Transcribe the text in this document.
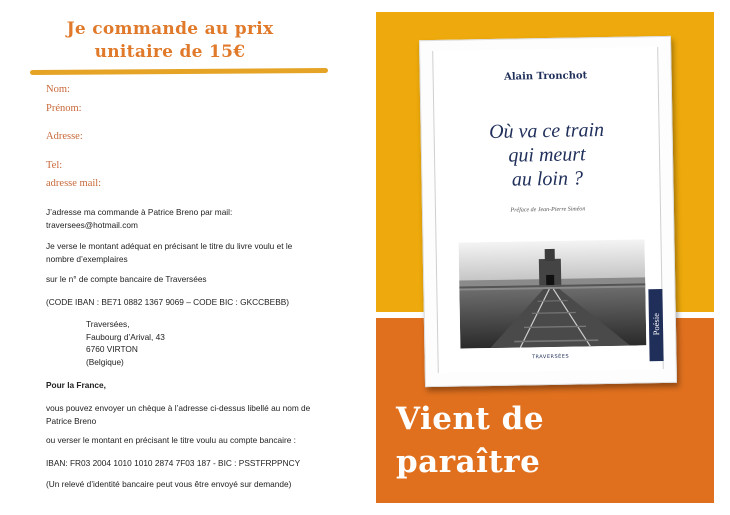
Je commande au prix
unitaire de 15€
Nom:
Prénom:
Adresse:
Tel:
adresse mail:
J’adresse ma commande à Patrice Breno par mail:
traversees@hotmail.com
Je verse le montant adéquat en précisant le titre du livre voulu et le
nombre d’exemplaires
sur le n° de compte bancaire de Traversées
(CODE IBAN : BE71 0882 1367 9069 – CODE BIC : GKCCBEBB)
Traversées,
Faubourg d’Arival, 43
6760 VIRTON
(Belgique)
Pour la France,
vous pouvez envoyer un chèque à l’adresse ci-dessus libellé au nom de
Patrice Breno
ou verser le montant en précisant le titre voulu au compte bancaire :
IBAN: FR03 2004 1010 1010 2874 7F03 187 - BIC : PSSTFRPPNCY
(Un relevé d’identité bancaire peut vous être envoyé sur demande)
Alain Tronchot
Où va ce train
qui meurt
au loin ?
Préface de Jean-Pierre Siméon
TRAVERSÉES
Poésie
Vient de
paraître
